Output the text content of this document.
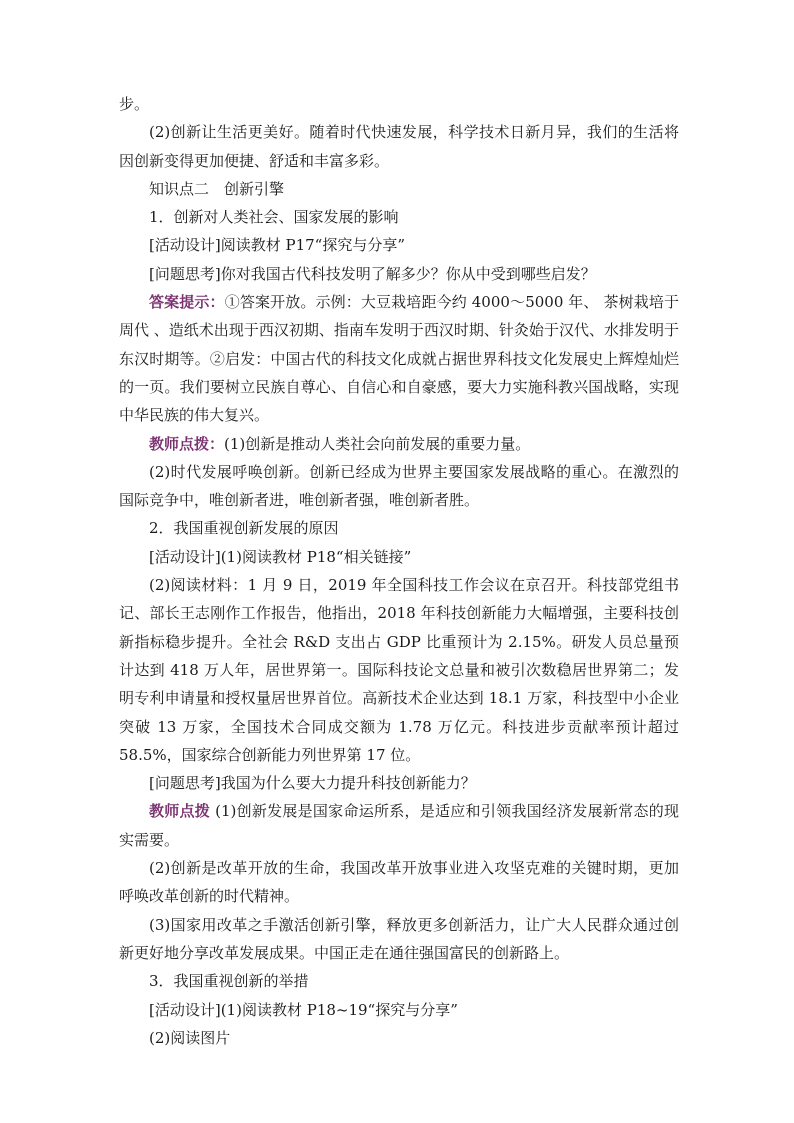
步。

(2)创新让生活更美好。随着时代快速发展，科学技术日新月异，我们的生活将因创新变得更加便捷、舒适和丰富多彩。

知识点二　创新引擎

1．创新对人类社会、国家发展的影响

[活动设计]阅读教材 P17“探究与分享”

[问题思考]你对我国古代科技发明了解多少？你从中受到哪些启发？

答案提示：①答案开放。示例：大豆栽培距今约 4000～5000 年、 茶树栽培于周代 、造纸术出现于西汉初期、指南车发明于西汉时期、针灸始于汉代、水排发明于东汉时期等。②启发：中国古代的科技文化成就占据世界科技文化发展史上辉煌灿烂的一页。我们要树立民族自尊心、自信心和自豪感，要大力实施科教兴国战略，实现中华民族的伟大复兴。

教师点拨：(1)创新是推动人类社会向前发展的重要力量。

(2)时代发展呼唤创新。创新已经成为世界主要国家发展战略的重心。在激烈的国际竞争中，唯创新者进，唯创新者强，唯创新者胜。

2．我国重视创新发展的原因

[活动设计](1)阅读教材 P18“相关链接”

(2)阅读材料：1 月 9 日，2019 年全国科技工作会议在京召开。科技部党组书记、部长王志刚作工作报告，他指出，2018 年科技创新能力大幅增强，主要科技创新指标稳步提升。全社会 R&D 支出占 GDP 比重预计为 2.15%。研发人员总量预计达到 418 万人年，居世界第一。国际科技论文总量和被引次数稳居世界第二；发明专利申请量和授权量居世界首位。高新技术企业达到 18.1 万家，科技型中小企业突破 13 万家，全国技术合同成交额为 1.78 万亿元。科技进步贡献率预计超过 58.5%，国家综合创新能力列世界第 17 位。

[问题思考]我国为什么要大力提升科技创新能力？

教师点拨 (1)创新发展是国家命运所系，是适应和引领我国经济发展新常态的现实需要。

(2)创新是改革开放的生命，我国改革开放事业进入攻坚克难的关键时期，更加呼唤改革创新的时代精神。

(3)国家用改革之手激活创新引擎，释放更多创新活力，让广大人民群众通过创新更好地分享改革发展成果。中国正走在通往强国富民的创新路上。

3．我国重视创新的举措

[活动设计](1)阅读教材 P18~19“探究与分享”

(2)阅读图片
